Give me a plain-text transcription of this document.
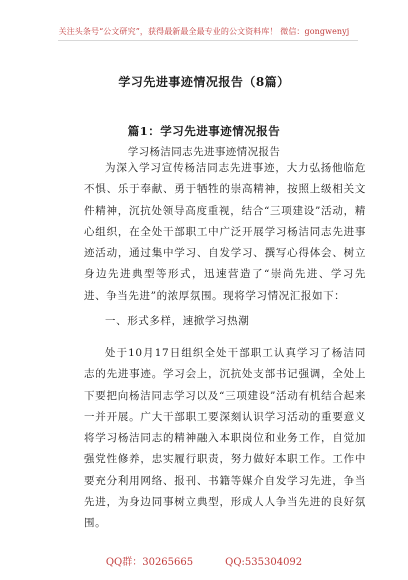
关注头条号“公文研究”，获得最新最全最专业的公文资料库！ 微信：gongwenyj
学习先进事迹情况报告（8篇）
篇1：学习先进事迹情况报告
学习杨洁同志先进事迹情况报告

为深入学习宣传杨洁同志先进事迹，大力弘扬他临危不惧、乐于奉献、勇于牺牲的崇高精神，按照上级相关文件精神，沉抗处领导高度重视，结合“三项建设”活动，精心组织，在全处干部职工中广泛开展学习杨洁同志先进事迹活动，通过集中学习、自发学习、撰写心得体会、树立身边先进典型等形式，迅速营造了“崇尚先进、学习先进、争当先进”的浓厚氛围。现将学习情况汇报如下：

一、形式多样，速掀学习热潮

处于10月17日组织全处干部职工认真学习了杨洁同志的先进事迹。学习会上，沉抗处支部书记强调，全处上下要把向杨洁同志学习以及“三项建设”活动有机结合起来一并开展。广大干部职工要深刻认识学习活动的重要意义将学习杨洁同志的精神融入本职岗位和业务工作，自觉加强党性修养，忠实履行职责，努力做好本职工作。工作中要充分利用网络、报刊、书籍等媒介自发学习先进，争当先进，为身边同事树立典型，形成人人争当先进的良好氛围。

QQ群：30265665	QQ:535304092
